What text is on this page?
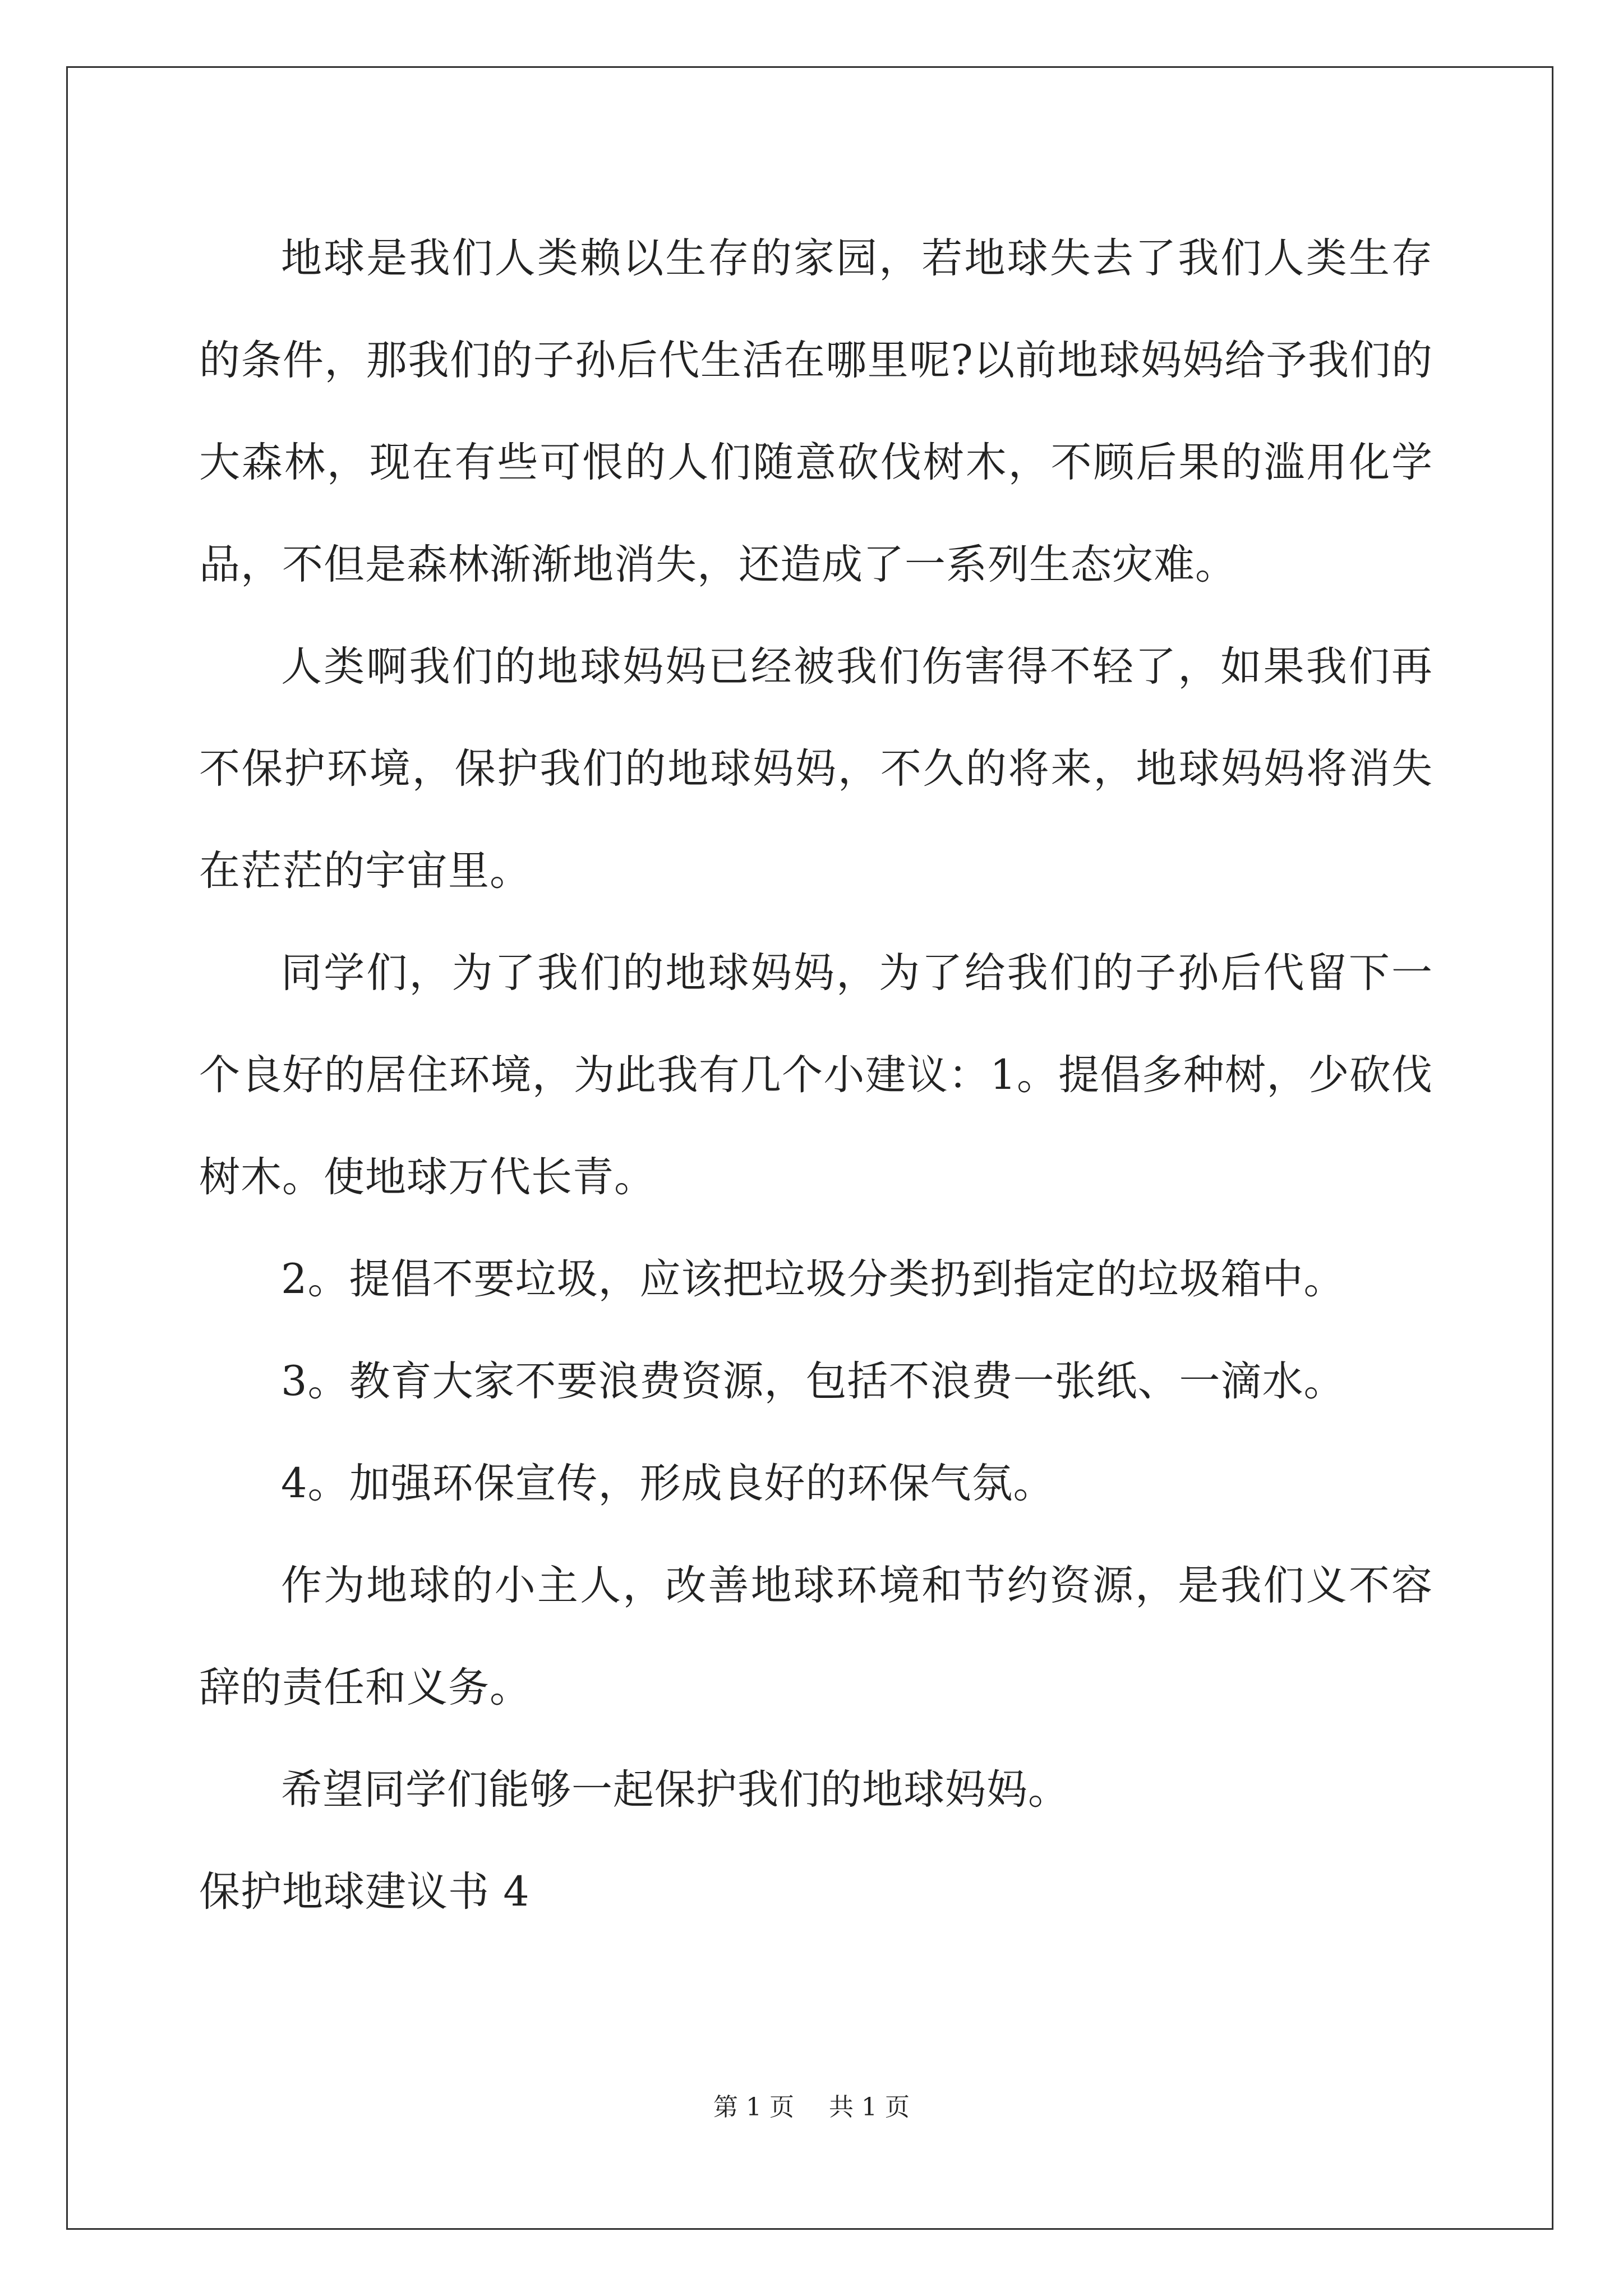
地球是我们人类赖以生存的家园，若地球失去了我们人类生存的条件，那我们的子孙后代生活在哪里呢?以前地球妈妈给予我们的大森林，现在有些可恨的人们随意砍伐树木，不顾后果的滥用化学品，不但是森林渐渐地消失，还造成了一系列生态灾难。

人类啊我们的地球妈妈已经被我们伤害得不轻了，如果我们再不保护环境，保护我们的地球妈妈，不久的将来，地球妈妈将消失在茫茫的宇宙里。

同学们，为了我们的地球妈妈，为了给我们的子孙后代留下一个良好的居住环境，为此我有几个小建议：1。提倡多种树，少砍伐树木。使地球万代长青。

2。提倡不要垃圾，应该把垃圾分类扔到指定的垃圾箱中。

3。教育大家不要浪费资源，包括不浪费一张纸、一滴水。

4。加强环保宣传，形成良好的环保气氛。

作为地球的小主人，改善地球环境和节约资源，是我们义不容辞的责任和义务。

希望同学们能够一起保护我们的地球妈妈。

保护地球建议书 4

第 1 页 共 1 页
